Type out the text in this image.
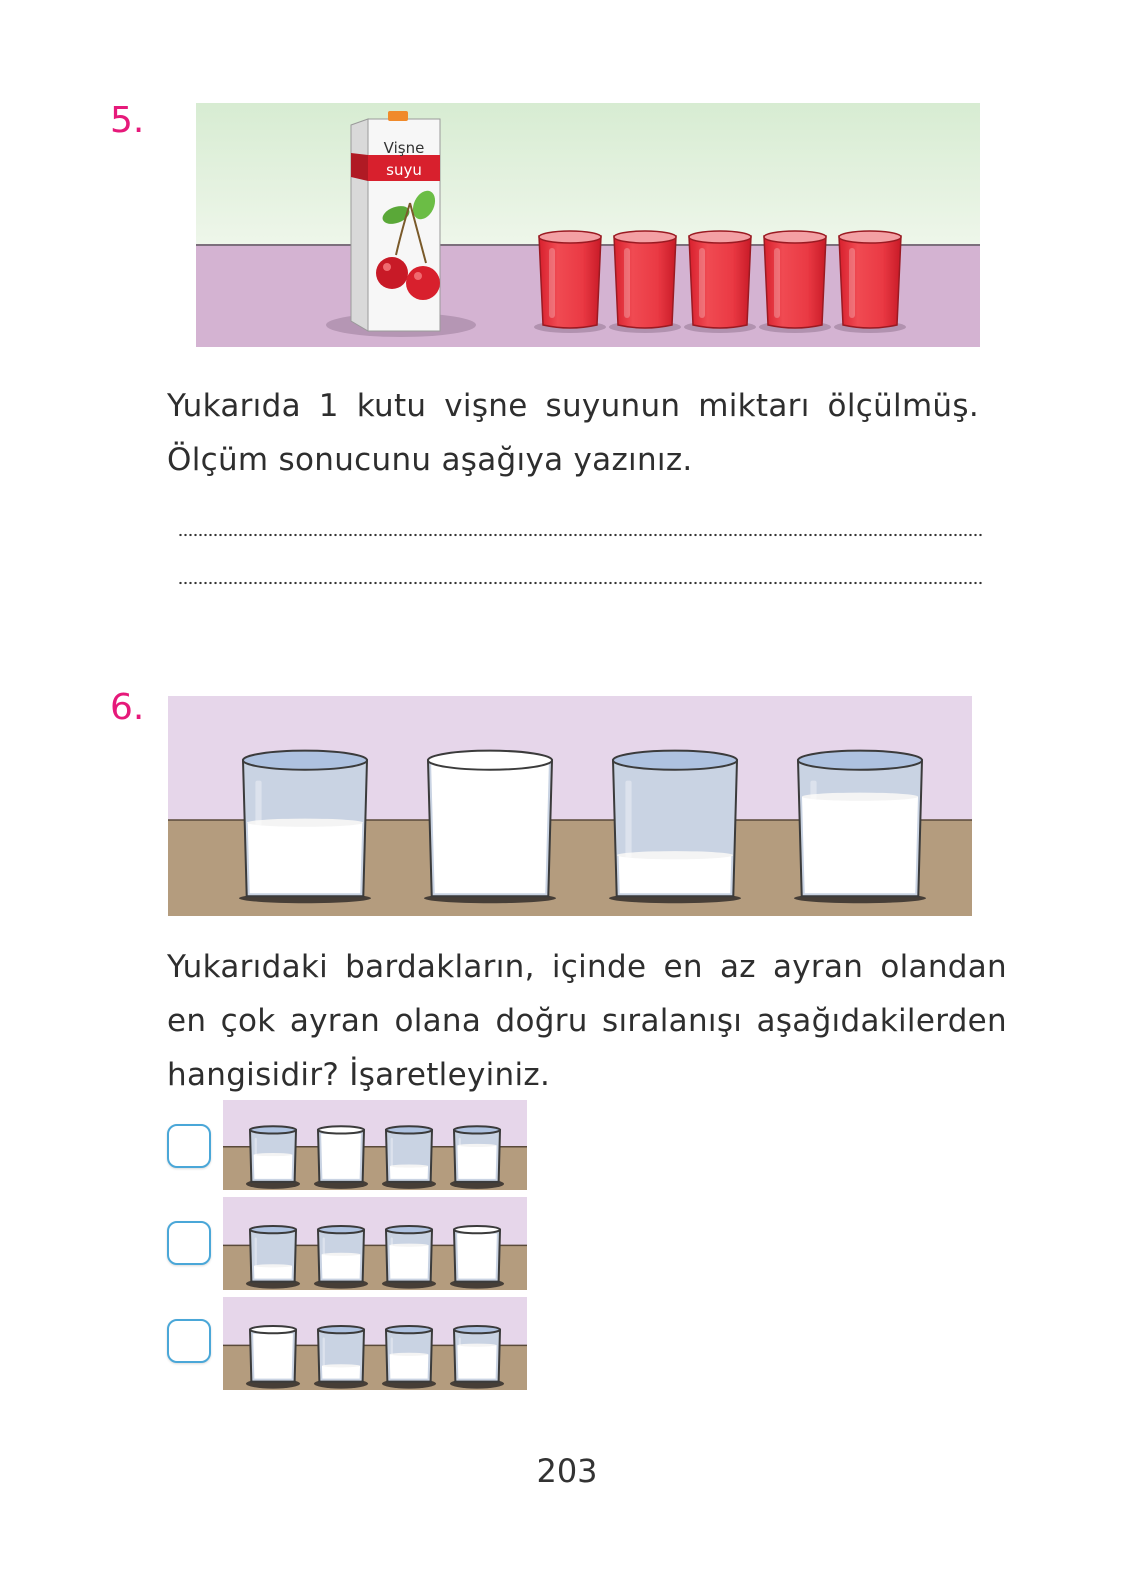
5.
Vişne
suyu
Yukarıda 1 kutu vişne suyunun miktarı ölçülmüş. Ölçüm sonucunu aşağıya yazınız.
6.
Yukarıdaki bardakların, içinde en az ayran olandan en çok ayran olana doğru sıralanışı aşağıdakilerden hangisidir? İşaretleyiniz.
203
